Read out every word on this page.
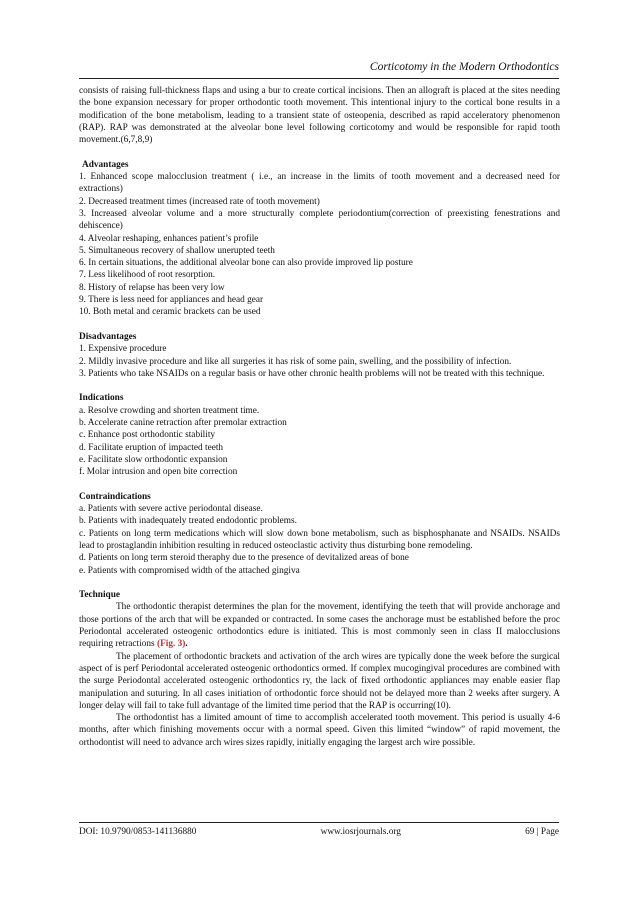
Corticotomy in the Modern Orthodontics

consists of raising full-thickness flaps and using a bur to create cortical incisions. Then an allograft is placed at the sites needing the bone expansion necessary for proper orthodontic tooth movement. This intentional injury to the cortical bone results in a modification of the bone metabolism, leading to a transient state of osteopenia, described as rapid acceleratory phenomenon (RAP). RAP was demonstrated at the alveolar bone level following corticotomy and would be responsible for rapid tooth movement.(6,7,8,9)

Advantages

1. Enhanced scope malocclusion treatment ( i.e., an increase in the limits of tooth movement and a decreased need for extractions)

2. Decreased treatment times (increased rate of tooth movement)

3. Increased alveolar volume and a more structurally complete periodontium(correction of preexisting fenestrations and dehiscence)

4. Alveolar reshaping, enhances patient’s profile

5. Simultaneous recovery of shallow unerupted teeth

6. In certain situations, the additional alveolar bone can also provide improved lip posture

7. Less likelihood of root resorption.

8. History of relapse has been very low

9. There is less need for appliances and head gear

10. Both metal and ceramic brackets can be used

Disadvantages

1. Expensive procedure

2. Mildly invasive procedure and like all surgeries it has risk of some pain, swelling, and the possibility of infection.

3. Patients who take NSAIDs on a regular basis or have other chronic health problems will not be treated with this technique.

Indications

a. Resolve crowding and shorten treatment time.

b. Accelerate canine retraction after premolar extraction

c. Enhance post orthodontic stability

d. Facilitate eruption of impacted teeth

e. Facilitate slow orthodontic expansion

f. Molar intrusion and open bite correction

Contraindications

a. Patients with severe active periodontal disease.

b. Patients with inadequately treated endodontic problems.

c. Patients on long term medications which will slow down bone metabolism, such as bisphosphanate and NSAIDs. NSAIDs lead to prostaglandin inhibition resulting in reduced osteoclastic activity thus disturbing bone remodeling.

d. Patients on long term steroid theraphy due to the presence of devitalized areas of bone

e. Patients with compromised width of the attached gingiva

Technique

The orthodontic therapist determines the plan for the movement, identifying the teeth that will provide anchorage and those portions of the arch that will be expanded or contracted. In some cases the anchorage must be established before the proc Periodontal accelerated osteogenic orthodontics edure is initiated. This is most commonly seen in class II malocclusions requiring retractions (Fig. 3).

The placement of orthodontic brackets and activation of the arch wires are typically done the week before the surgical aspect of is perf Periodontal accelerated osteogenic orthodontics ormed. If complex mucogingival procedures are combined with the surge Periodontal accelerated osteogenic orthodontics ry, the lack of fixed orthodontic appliances may enable easier flap manipulation and suturing. In all cases initiation of orthodontic force should not be delayed more than 2 weeks after surgery. A longer delay will fail to take full advantage of the limited time period that the RAP is occurring(10).

The orthodontist has a limited amount of time to accomplish accelerated tooth movement. This period is usually 4-6 months, after which finishing movements occur with a normal speed. Given this limited “window” of rapid movement, the orthodontist will need to advance arch wires sizes rapidly, initially engaging the largest arch wire possible.

DOI: 10.9790/0853-141136880	www.iosrjournals.org	69 | Page
